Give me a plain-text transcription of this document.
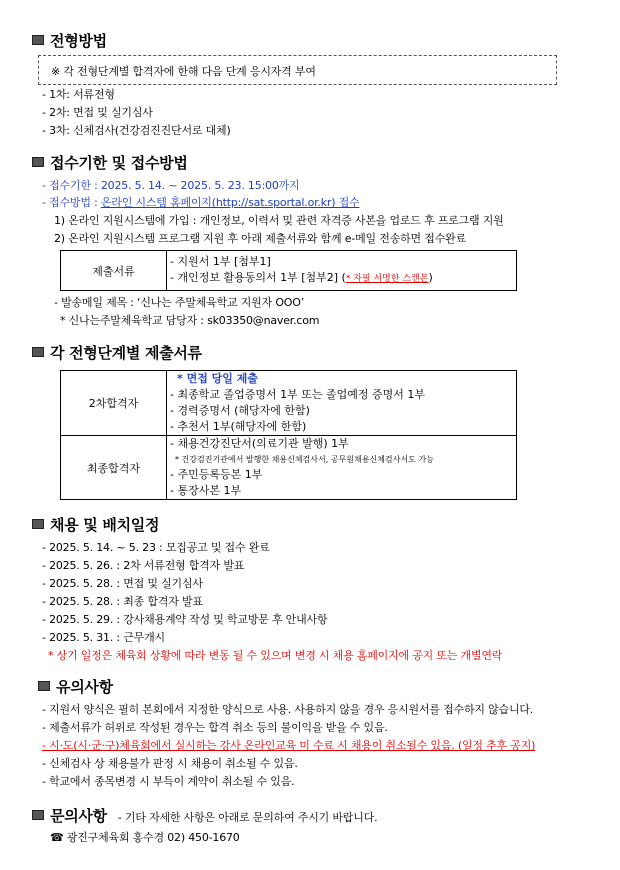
전형방법
※ 각 전형단계별 합격자에 한해 다음 단계 응시자격 부여
- 1차: 서류전형
- 2차: 면접 및 실기심사
- 3차: 신체검사(건강검진진단서로 대체)
접수기한 및 접수방법
- 접수기한 : 2025. 5. 14. ~ 2025. 5. 23. 15:00까지
- 접수방법 : 온라인 시스템 홈페이지(http://sat.sportal.or.kr) 접수
1) 온라인 지원시스템에 가입 : 개인정보, 이력서 및 관련 자격증 사본을 업로드 후 프로그램 지원
2) 온라인 지원시스템 프로그램 지원 후 아래 제출서류와 함께 e-메일 전송하면 접수완료
제출서류	
- 지원서 1부 [첨부1]
- 개인정보 활용동의서 1부 [첨부2] (* 자필 서명한 스캔본)
- 발송메일 제목 : ‘신나는 주말체육학교 지원자 OOO’
* 신나는주말체육학교 담당자 : sk03350@naver.com
각 전형단계별 제출서류
2차합격자	* 면접 당일 제출
- 최종학교 졸업증명서 1부 또는 졸업예정 증명서 1부
- 경력증명서 (해당자에 한함)
- 추천서 1부(해당자에 한함)

최종합격자	- 채용건강진단서(의료기관 발행) 1부
* 건강검진기관에서 발행한 채용신체검사서, 공무원채용신체검사서도 가능
- 주민등록등본 1부
- 통장사본 1부
채용 및 배치일정
- 2025. 5. 14. ~ 5. 23 : 모집공고 및 접수 완료
- 2025. 5. 26. : 2차 서류전형 합격자 발표
- 2025. 5. 28. : 면접 및 실기심사
- 2025. 5. 28. : 최종 합격자 발표
- 2025. 5. 29. : 강사채용계약 작성 및 학교방문 후 안내사항
- 2025. 5. 31. : 근무개시
* 상기 일정은 체육회 상황에 따라 변동 될 수 있으며 변경 시 채용 홈페이지에 공지 또는 개별연락
유의사항
- 지원서 양식은 필히 본회에서 지정한 양식으로 사용. 사용하지 않을 경우 응시원서를 접수하지 않습니다.
- 제출서류가 허위로 작성된 경우는 합격 취소 등의 불이익을 받을 수 있음.
- 시·도(시·군·구)체육회에서 실시하는 강사 온라인교육 미 수료 시 채용이 취소될수 있음. (일정 추후 공지)
- 신체검사 상 채용불가 판정 시 채용이 취소될 수 있음.
- 학교에서 종목변경 시 부득이 계약이 취소될 수 있음.
문의사항 - 기타 자세한 사항은 아래로 문의하여 주시기 바랍니다.
☎ 광진구체육회 홍수경 02) 450-1670
